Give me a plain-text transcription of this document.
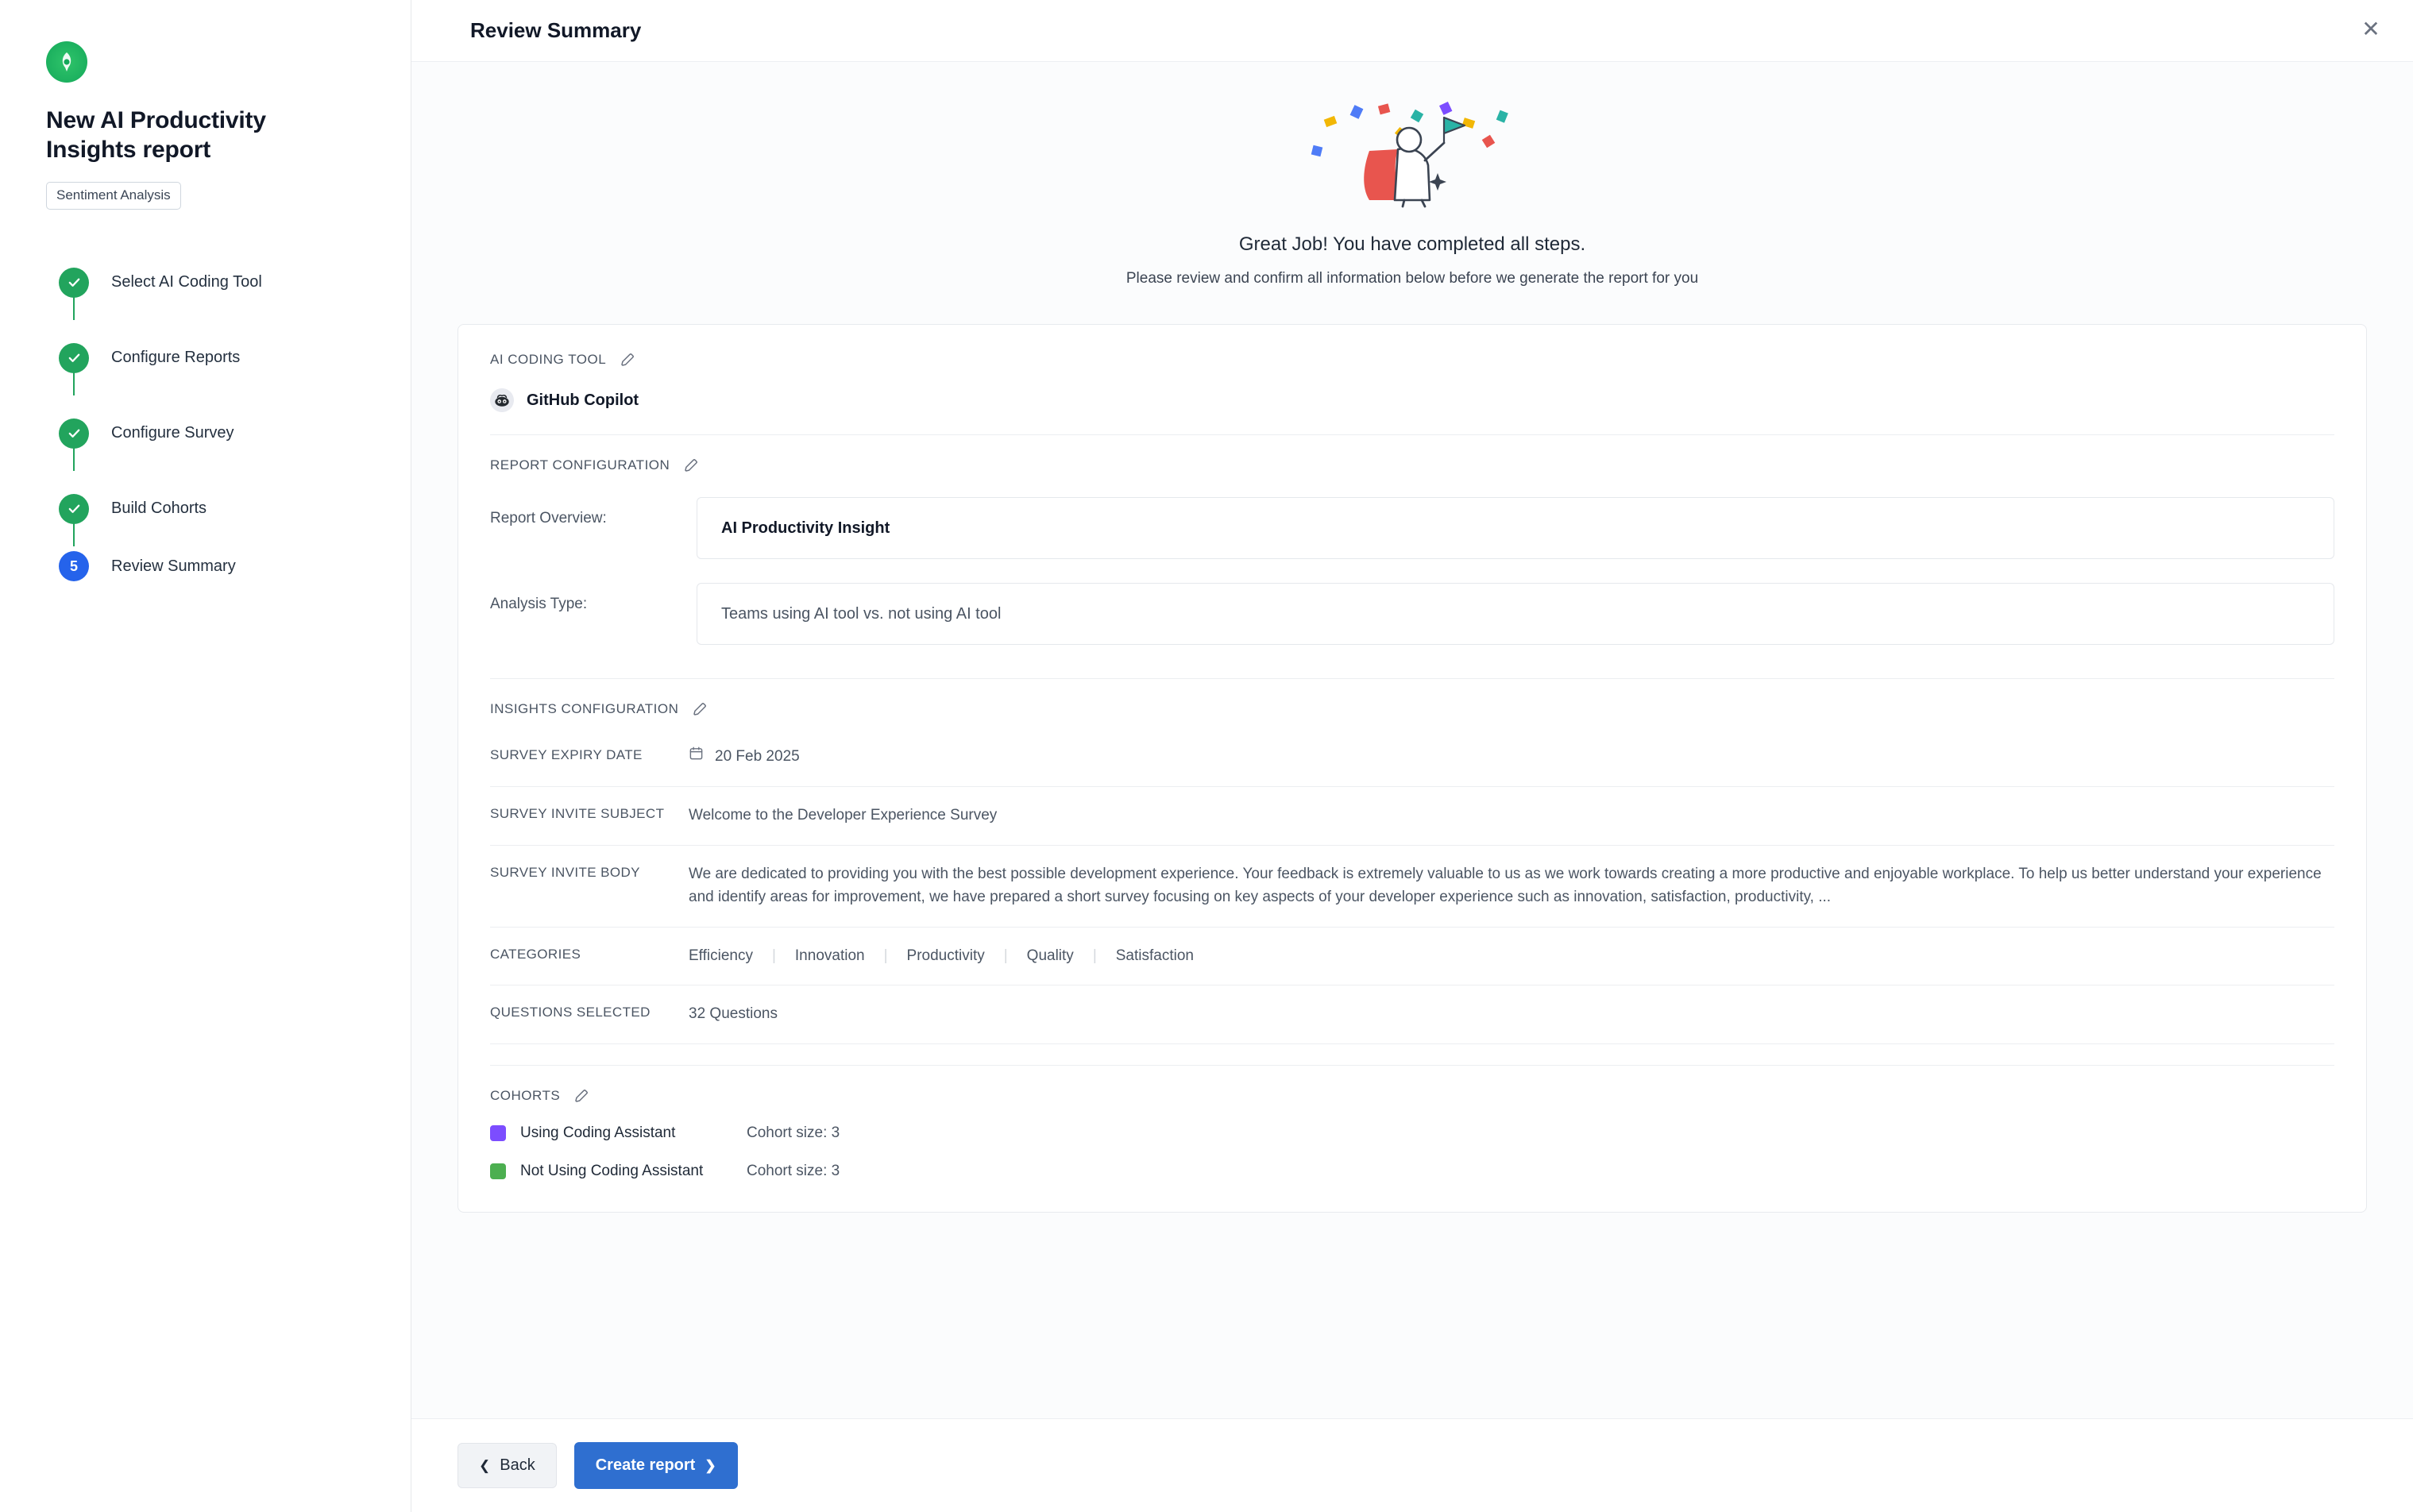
New AI Productivity Insights report
Sentiment Analysis
Select AI Coding Tool
Configure Reports
Configure Survey
Build Cohorts
5	Review Summary
Review Summary	✕
Great Job! You have completed all steps.
Please review and confirm all information below before we generate the report for you
AI CODING TOOL
GitHub Copilot
REPORT CONFIGURATION
Report Overview:
AI Productivity Insight
Analysis Type:
Teams using AI tool vs. not using AI tool
INSIGHTS CONFIGURATION
SURVEY EXPIRY DATE	20 Feb 2025
SURVEY INVITE SUBJECT	Welcome to the Developer Experience Survey
SURVEY INVITE BODY	We are dedicated to providing you with the best possible development experience. Your feedback is extremely valuable to us as we work towards creating a more productive and enjoyable workplace. To help us better understand your experience and identify areas for improvement, we have prepared a short survey focusing on key aspects of your developer experience such as innovation, satisfaction, productivity, ...
CATEGORIES	Efficiency	|	Innovation	|	Productivity	|	Quality	|	Satisfaction
QUESTIONS SELECTED	32 Questions
COHORTS
Using Coding Assistant	Cohort size: 3
Not Using Coding Assistant	Cohort size: 3
❮ Back	Create report ❯
